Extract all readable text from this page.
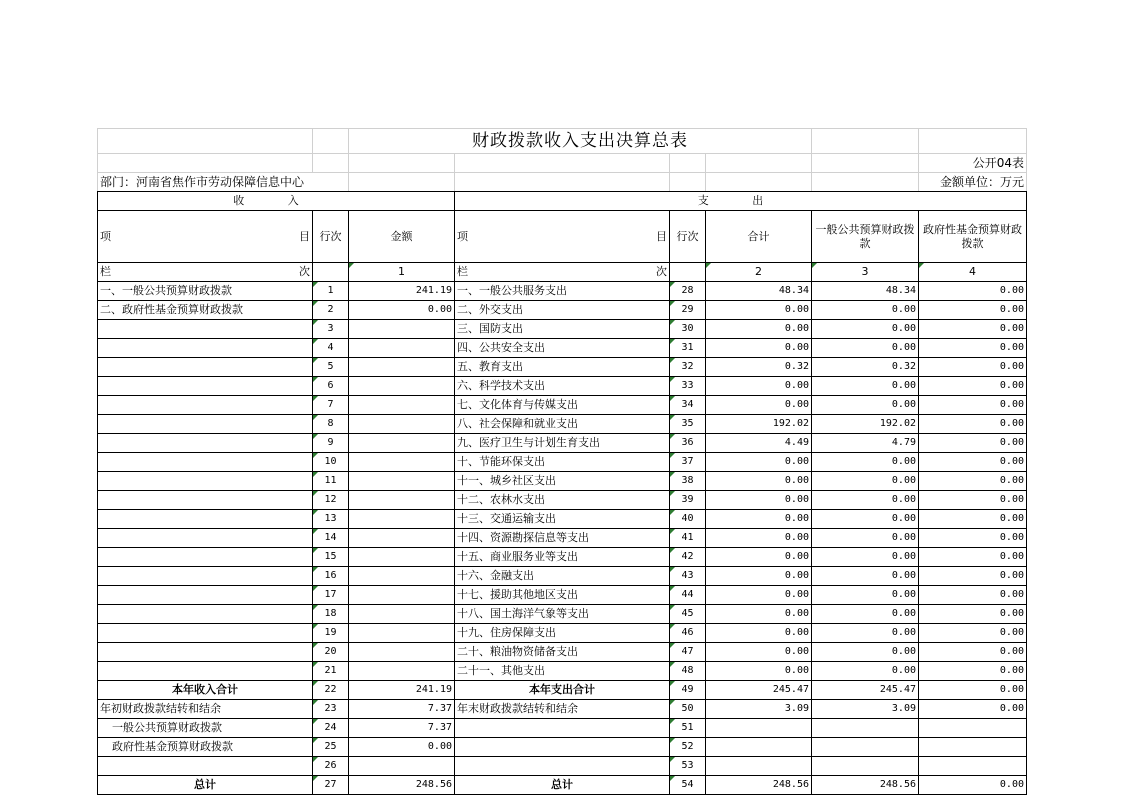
		财政拨款收入支出决算总表					
							公开04表
部门：河南省焦作市劳动保障信息中心							金额单位：万元
收 入			支 出				

项 目	行次	金额	项 目	行次	合计	一般公共预算财政拨款	政府性基金预算财政拨款

栏 次		1	栏 次		2	3	4
一、一般公共预算财政拨款	1	241.19	一、一般公共服务支出	28	48.34	48.34	0.00
二、政府性基金预算财政拨款	2	0.00	二、外交支出	29	0.00	0.00	0.00
	3		三、国防支出	30	0.00	0.00	0.00
	4		四、公共安全支出	31	0.00	0.00	0.00
	5		五、教育支出	32	0.32	0.32	0.00
	6		六、科学技术支出	33	0.00	0.00	0.00
	7		七、文化体育与传媒支出	34	0.00	0.00	0.00
	8		八、社会保障和就业支出	35	192.02	192.02	0.00
	9		九、医疗卫生与计划生育支出	36	4.49	4.79	0.00
	10		十、节能环保支出	37	0.00	0.00	0.00
	11		十一、城乡社区支出	38	0.00	0.00	0.00
	12		十二、农林水支出	39	0.00	0.00	0.00
	13		十三、交通运输支出	40	0.00	0.00	0.00
	14		十四、资源勘探信息等支出	41	0.00	0.00	0.00
	15		十五、商业服务业等支出	42	0.00	0.00	0.00
	16		十六、金融支出	43	0.00	0.00	0.00
	17		十七、援助其他地区支出	44	0.00	0.00	0.00
	18		十八、国土海洋气象等支出	45	0.00	0.00	0.00
	19		十九、住房保障支出	46	0.00	0.00	0.00
	20		二十、粮油物资储备支出	47	0.00	0.00	0.00
	21		二十一、其他支出	48	0.00	0.00	0.00
本年收入合计	22	241.19	本年支出合计	49	245.47	245.47	0.00
年初财政拨款结转和结余	23	7.37	年末财政拨款结转和结余	50	3.09	3.09	0.00
一般公共预算财政拨款	24	7.37		51			
政府性基金预算财政拨款	25	0.00		52			
	26			53			
总计	27	248.56	总计	54	248.56	248.56	0.00
